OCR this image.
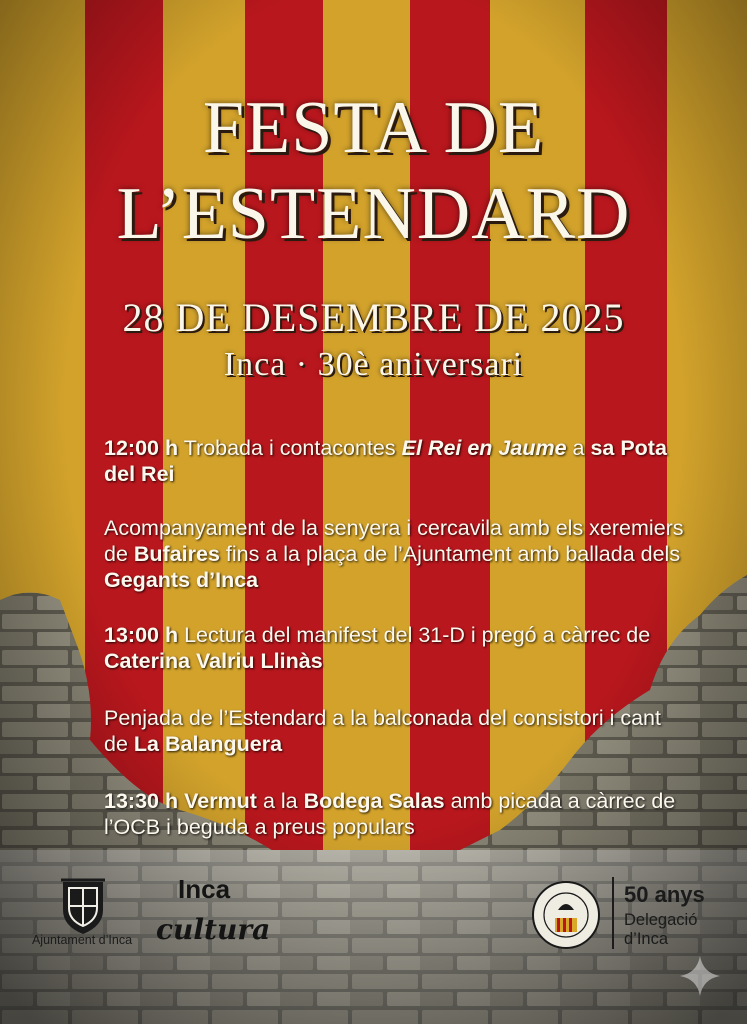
FESTA DE
L’ESTENDARD
28 DE DESEMBRE DE 2025
Inca · 30è aniversari
12:00 h Trobada i contacontes El Rei en Jaume a sa Pota del Rei
Acompanyament de la senyera i cercavila amb els xeremiers de Bufaires fins a la plaça de l’Ajuntament amb ballada dels Gegants d’Inca
13:00 h Lectura del manifest del 31-D i pregó a càrrec de Caterina Valriu Llinàs
Penjada de l’Estendard a la balconada del consistori i cant de La Balanguera
13:30 h Vermut a la Bodega Salas amb picada a càrrec de l’OCB i beguda a preus populars
Ajuntament d’Inca
Inca
cultura
50 anys
Delegació
d’Inca
